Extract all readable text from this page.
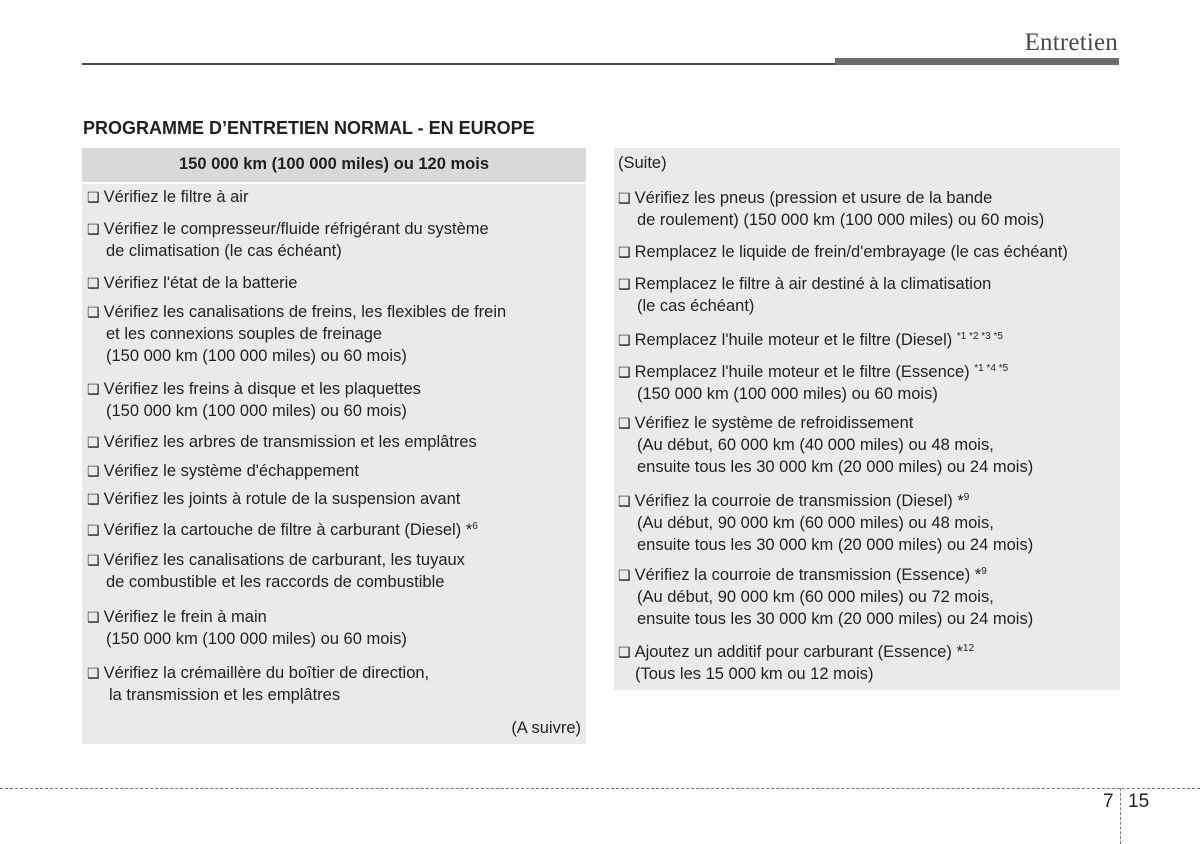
Entretien
PROGRAMME D’ENTRETIEN NORMAL - EN EUROPE
150 000 km (100 000 miles) ou 120 mois
❑ Vérifiez le filtre à air
❑ Vérifiez le compresseur/fluide réfrigérant du système
de climatisation (le cas échéant)
❑ Vérifiez l'état de la batterie
❑ Vérifiez les canalisations de freins, les flexibles de frein
et les connexions souples de freinage
(150 000 km (100 000 miles) ou 60 mois)
❑ Vérifiez les freins à disque et les plaquettes
(150 000 km (100 000 miles) ou 60 mois)
❑ Vérifiez les arbres de transmission et les emplâtres
❑ Vérifiez le système d'échappement
❑ Vérifiez les joints à rotule de la suspension avant
❑ Vérifiez la cartouche de filtre à carburant (Diesel) *$^6$
❑ Vérifiez les canalisations de carburant, les tuyaux
de combustible et les raccords de combustible
❑ Vérifiez le frein à main
(150 000 km (100 000 miles) ou 60 mois)
❑ Vérifiez la crémaillère du boîtier de direction,
la transmission et les emplâtres
(A suivre)
(Suite)
❑ Vérifiez les pneus (pression et usure de la bande
de roulement) (150 000 km (100 000 miles) ou 60 mois)
❑ Remplacez le liquide de frein/d'embrayage (le cas échéant)
❑ Remplacez le filtre à air destiné à la climatisation
(le cas échéant)
❑ Remplacez l'huile moteur et le filtre (Diesel) $^{*1 *2 *3 *5}$
❑ Remplacez l'huile moteur et le filtre (Essence) $^{*1 *4 *5}$
(150 000 km (100 000 miles) ou 60 mois)
❑ Vérifiez le système de refroidissement
(Au début, 60 000 km (40 000 miles) ou 48 mois,
ensuite tous les 30 000 km (20 000 miles) ou 24 mois)
❑ Vérifiez la courroie de transmission (Diesel) *$^9$
(Au début, 90 000 km (60 000 miles) ou 48 mois,
ensuite tous les 30 000 km (20 000 miles) ou 24 mois)
❑ Vérifiez la courroie de transmission (Essence) *$^9$
(Au début, 90 000 km (60 000 miles) ou 72 mois,
ensuite tous les 30 000 km (20 000 miles) ou 24 mois)
❑ Ajoutez un additif pour carburant (Essence) *$^{12}$
(Tous les 15 000 km ou 12 mois)
7 15
